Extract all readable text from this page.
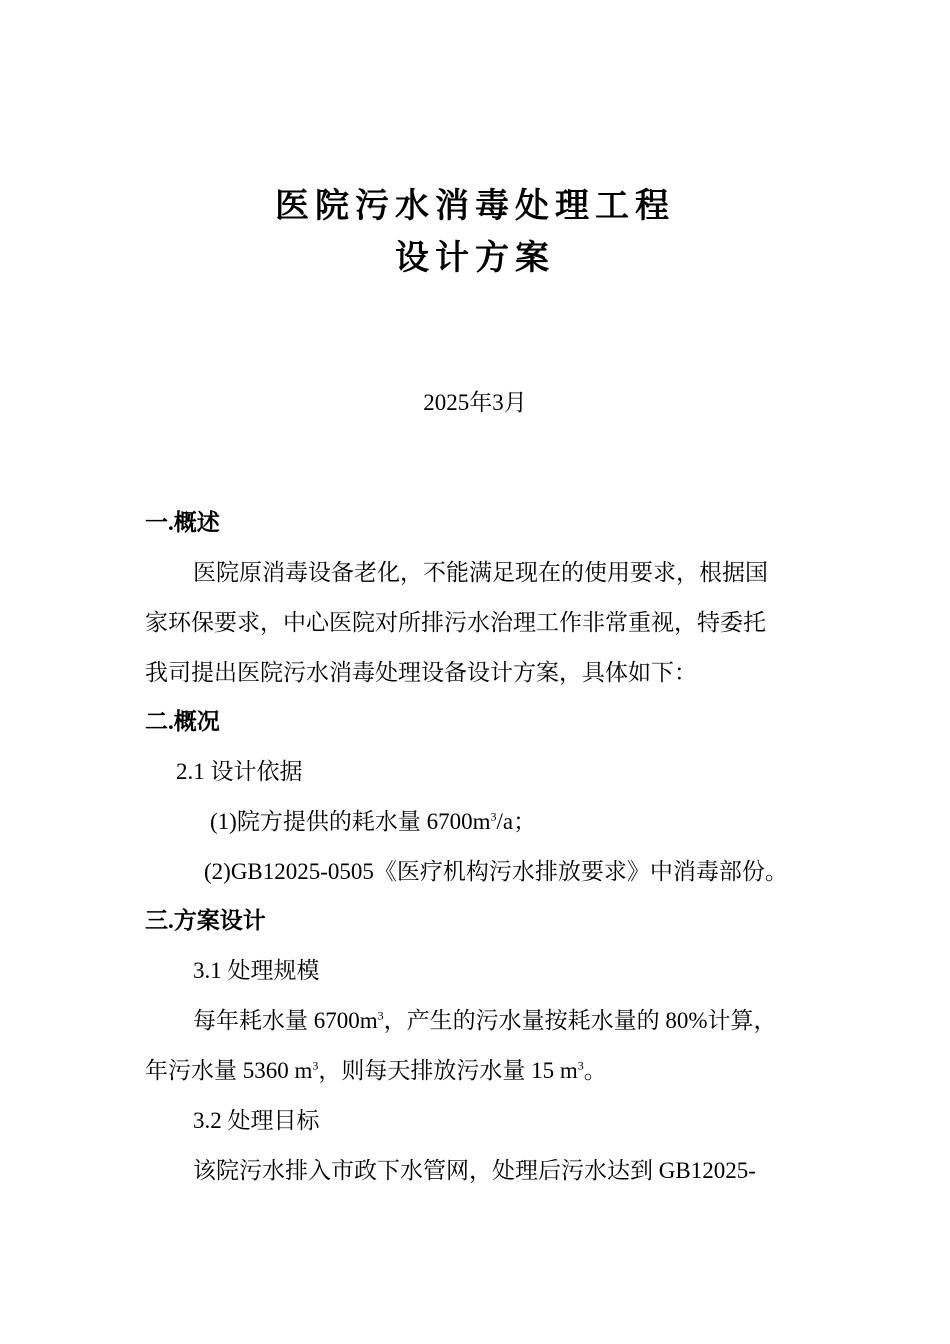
医院污水消毒处理工程
设计方案
2025年3月
一.概述
医院原消毒设备老化，不能满足现在的使用要求，根据国
家环保要求，中心医院对所排污水治理工作非常重视，特委托
我司提出医院污水消毒处理设备设计方案，具体如下：
二.概况
2.1 设计依据
(1)院方提供的耗水量 $6700m^3/a$；
(2)GB12025-0505《医疗机构污水排放要求》中消毒部份。
三.方案设计
3.1 处理规模
每年耗水量 $6700m^3$，产生的污水量按耗水量的 80%计算，
年污水量 5360 $m^3$，则每天排放污水量 15 $m^3$。
3.2 处理目标
该院污水排入市政下水管网，处理后污水达到 GB12025-
